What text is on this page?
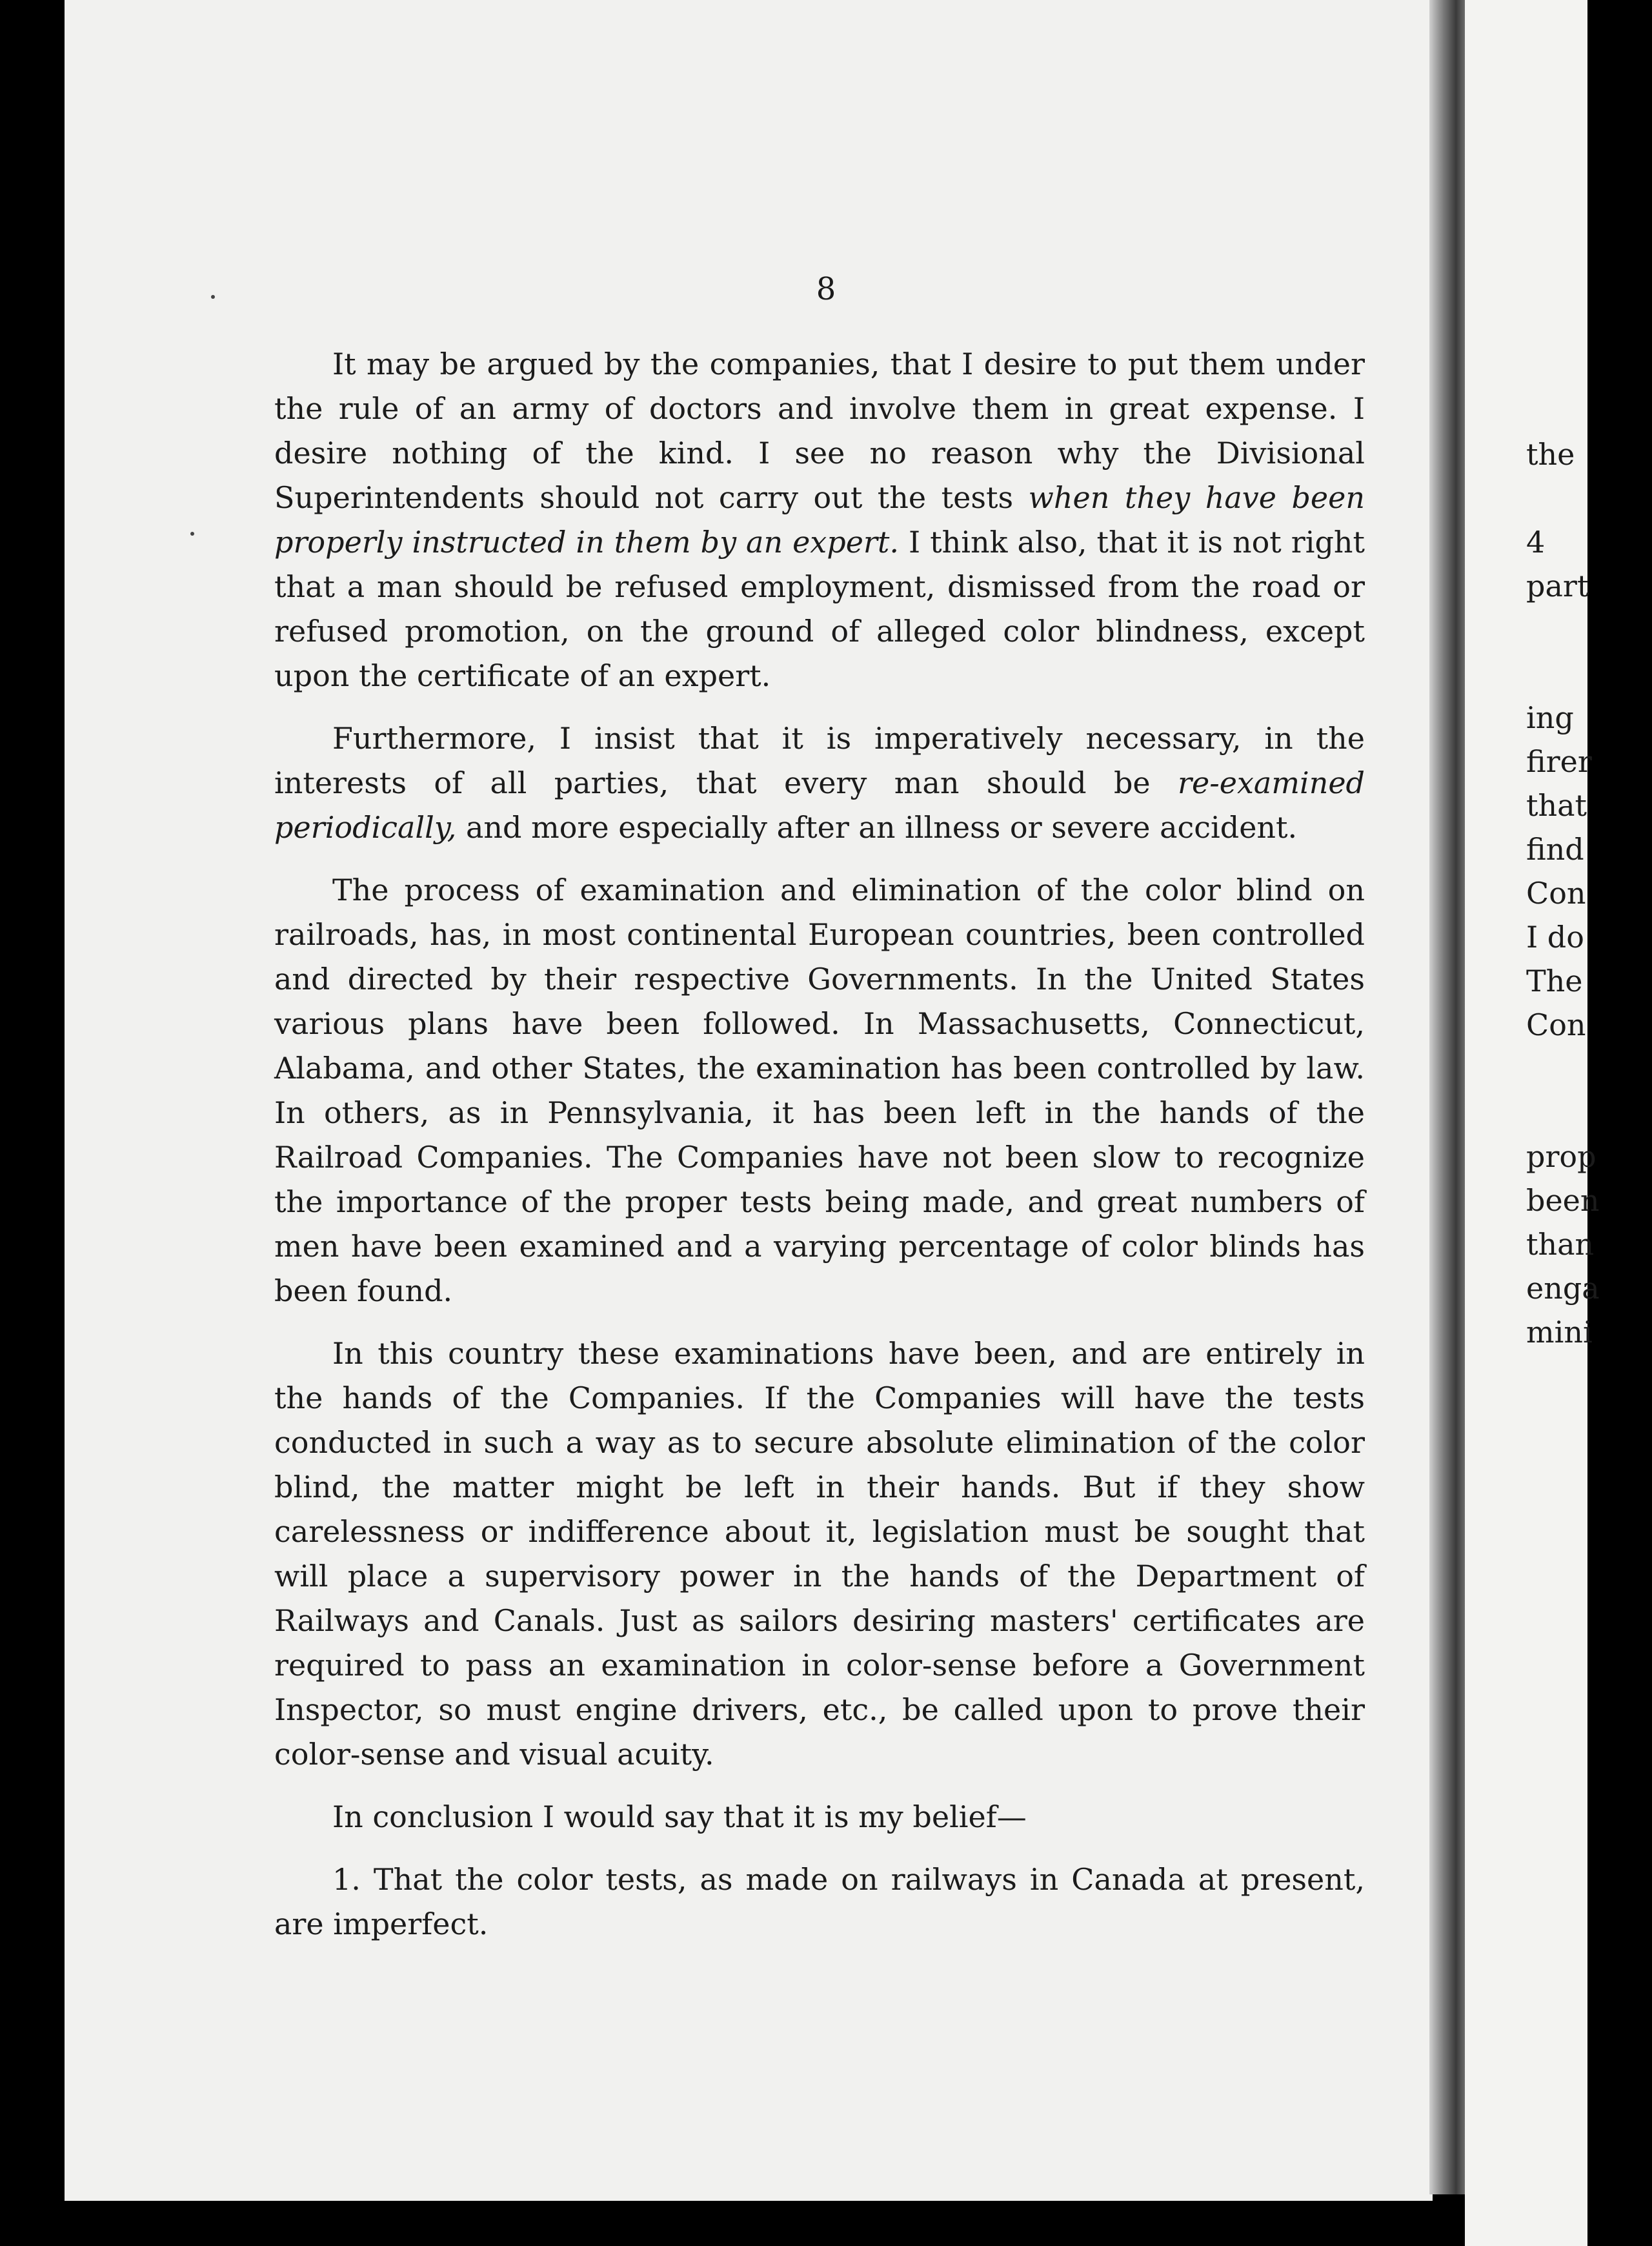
8

It may be argued by the companies, that I desire to put them under the rule of an army of doctors and involve them in great expense. I desire nothing of the kind. I see no reason why the Divisional Superintendents should not carry out the tests when they have been properly instructed in them by an expert. I think also, that it is not right that a man should be refused employment, dismissed from the road or refused promotion, on the ground of alleged color blindness, except upon the certificate of an expert.

Furthermore, I insist that it is imperatively necessary, in the interests of all parties, that every man should be re-examined periodically, and more especially after an illness or severe accident.

The process of examination and elimination of the color blind on railroads, has, in most continental European countries, been controlled and directed by their respective Governments. In the United States various plans have been followed. In Massachusetts, Connecticut, Alabama, and other States, the examination has been controlled by law. In others, as in Pennsylvania, it has been left in the hands of the Railroad Companies. The Companies have not been slow to recognize the importance of the proper tests being made, and great numbers of men have been examined and a varying percentage of color blinds has been found.

In this country these examinations have been, and are entirely in the hands of the Companies. If the Companies will have the tests conducted in such a way as to secure absolute elimination of the color blind, the matter might be left in their hands. But if they show carelessness or indifference about it, legislation must be sought that will place a supervisory power in the hands of the Department of Railways and Canals. Just as sailors desiring masters' certificates are required to pass an examination in color-sense before a Government Inspector, so must engine drivers, etc., be called upon to prove their color-sense and visual acuity.

In conclusion I would say that it is my belief—

1. That the color tests, as made on railways in Canada at present, are imperfect.

the
4
part
ing
firer
that
find
Con
I do
The
Con
prop
been
than
enga
mini
